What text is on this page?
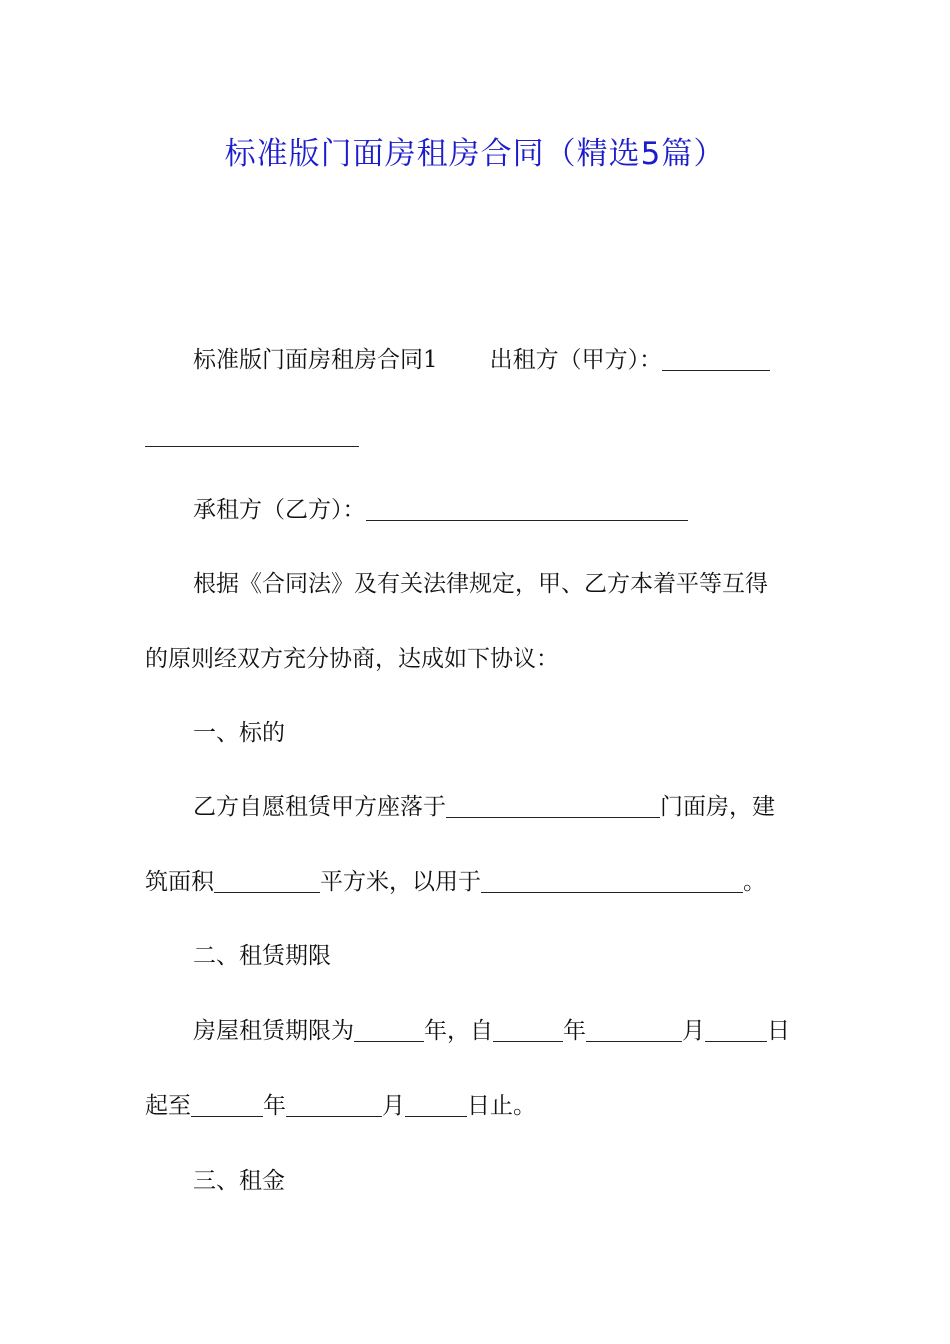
标准版门面房租房合同（精选5篇）
标准版门面房租房合同1 出租方（甲方）：
承租方（乙方）：
根据《合同法》及有关法律规定，甲、乙方本着平等互得
的原则经双方充分协商，达成如下协议：
一、标的
乙方自愿租赁甲方座落于	门面房，建
筑面积	平方米，以用于	。
二、租赁期限
房屋租赁期限为	年，自	年	月	日
起至	年	月	日止。
三、租金
